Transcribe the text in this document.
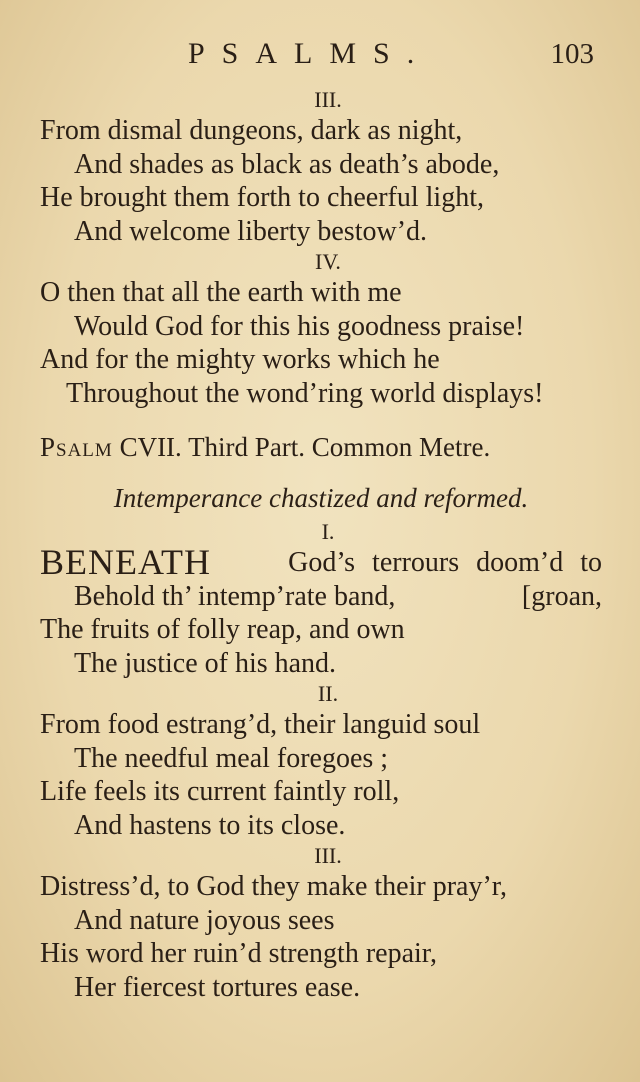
PSALMS.	103
III.
From dismal dungeons, dark as night,
And shades as black as death’s abode,
He brought them forth to cheerful light,
And welcome liberty bestow’d.
IV.
O then that all the earth with me
Would God for this his goodness praise!
And for the mighty works which he
Throughout the wond’ring world displays!
Psalm CVII. Third Part. Common Metre.
Intemperance chastized and reformed.
I.
BENEATH	God’s terrours doom’d to
Behold th’ intemp’rate band,	[groan,
The fruits of folly reap, and own
The justice of his hand.
II.
From food estrang’d, their languid soul
The needful meal foregoes ;
Life feels its current faintly roll,
And hastens to its close.
III.
Distress’d, to God they make their pray’r,
And nature joyous sees
His word her ruin’d strength repair,
Her fiercest tortures ease.
